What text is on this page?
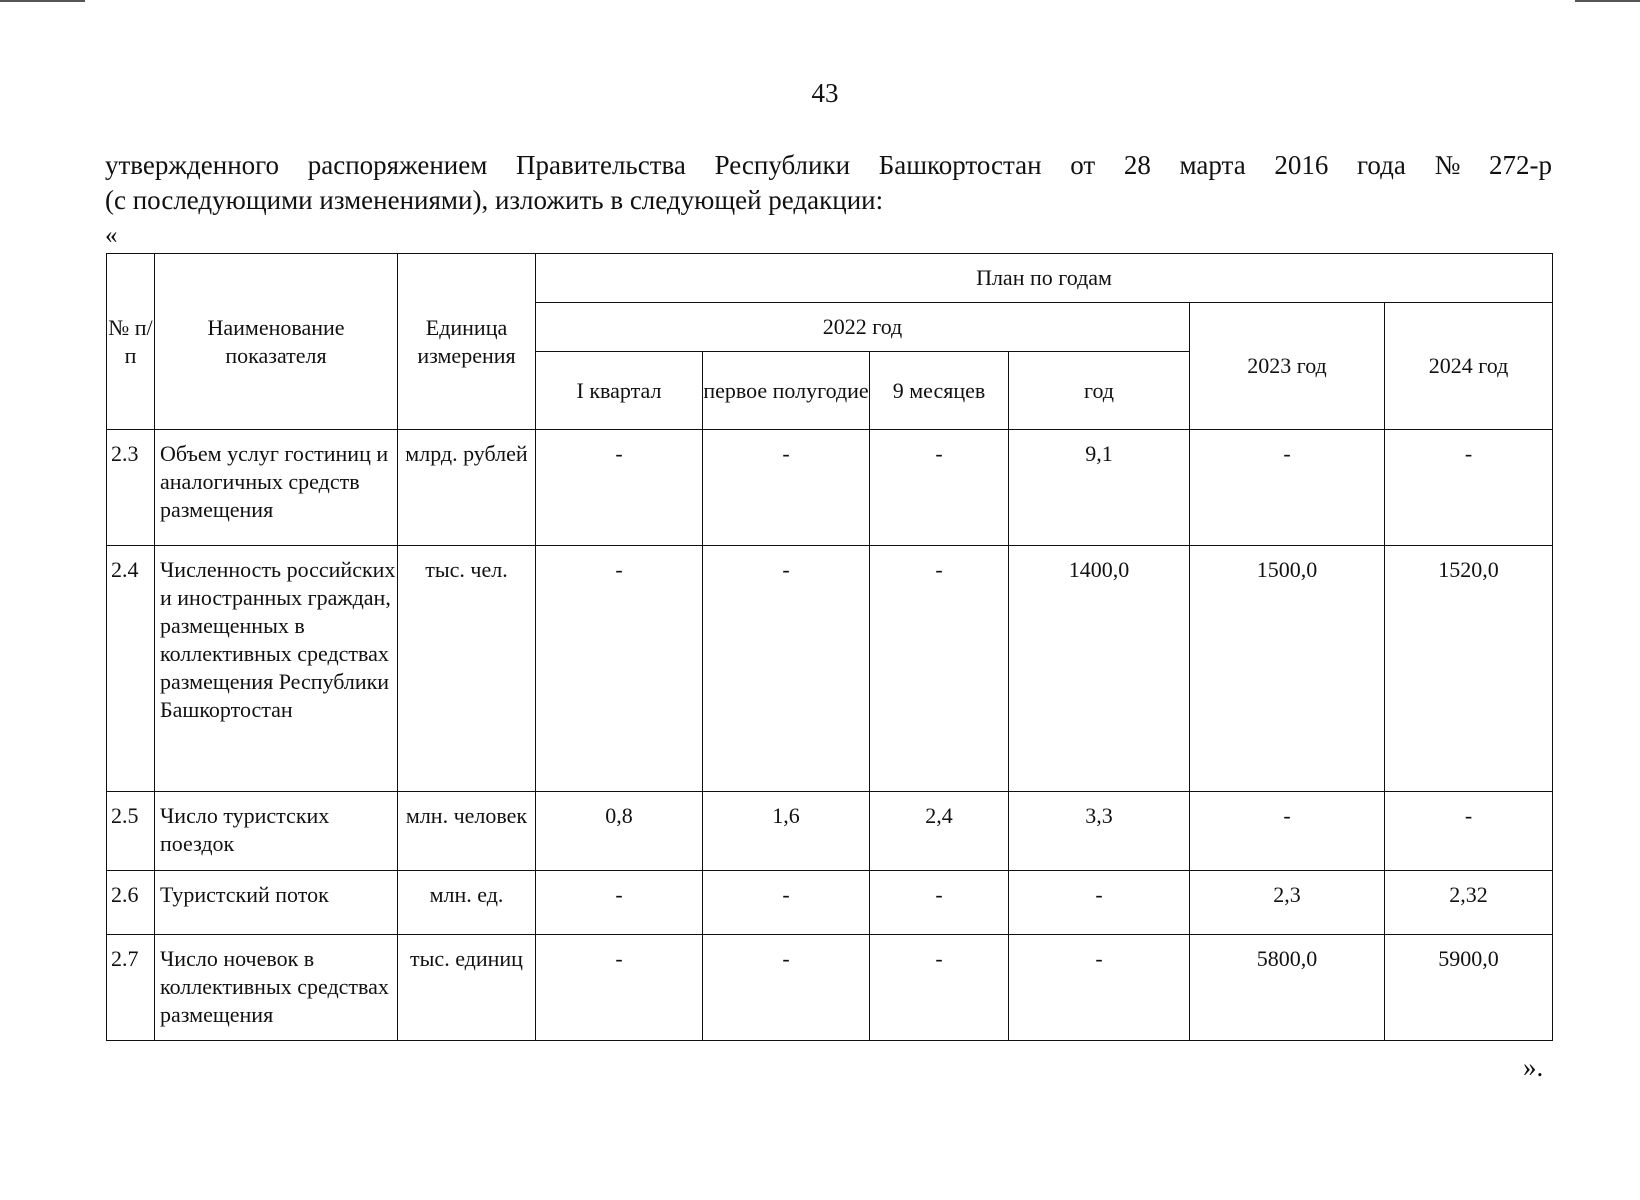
43
утвержденного распоряжением Правительства Республики Башкортостан от 28 марта 2016 года № 272-р
(с последующими изменениями), изложить в следующей редакции:
«
№ п/п	Наименование показателя	Единица измерения	План по годам					
			2022 год				2023 год	2024 год
			I квартал	первое полугодие	9 месяцев	год		
2.3	Объем услуг гостиниц и аналогичных средств размещения	млрд. рублей	-	-	-	9,1	-	-
2.4	Численность российских и иностранных граждан, размещенных в коллективных средствах размещения Республики Башкортостан	тыс. чел.	-	-	-	1400,0	1500,0	1520,0
2.5	Число туристских поездок	млн. человек	0,8	1,6	2,4	3,3	-	-
2.6	Туристский поток	млн. ед.	-	-	-	-	2,3	2,32
2.7	Число ночевок в коллективных средствах размещения	тыс. единиц	-	-	-	-	5800,0	5900,0
».
